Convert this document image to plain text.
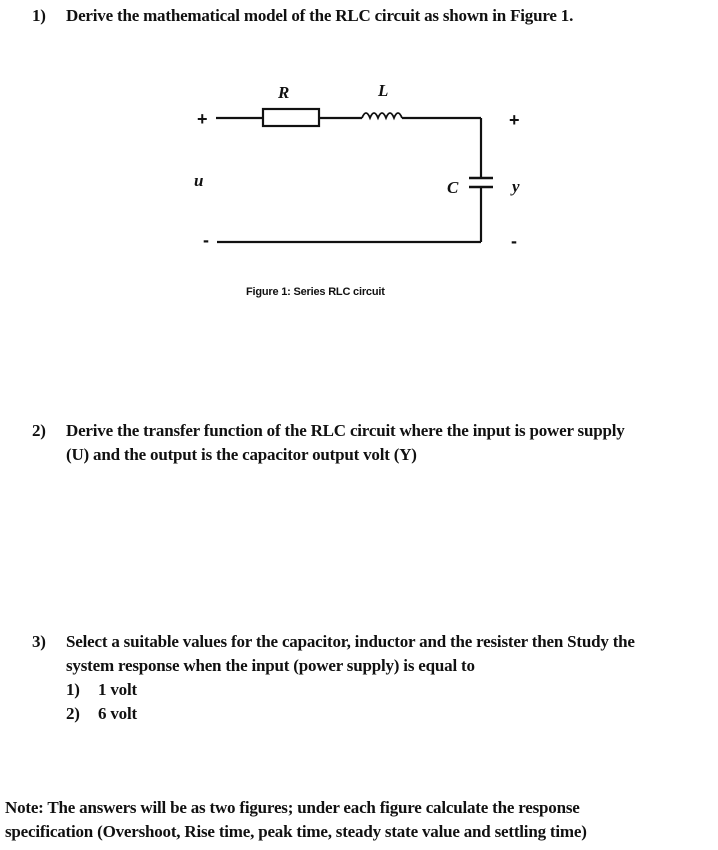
1) Derive the mathematical model of the RLC circuit as shown in Figure 1.
+
-
+
-
R	L
C
u	y
Figure 1: Series RLC circuit
2) Derive the transfer function of the RLC circuit where the input is power supply
(U) and the output is the capacitor output volt (Y)
3) Select a suitable values for the capacitor, inductor and the resister then Study the
system response when the input (power supply) is equal to
1) 1 volt
2) 6 volt
Note: The answers will be as two figures; under each figure calculate the response
specification (Overshoot, Rise time, peak time, steady state value and settling time)
